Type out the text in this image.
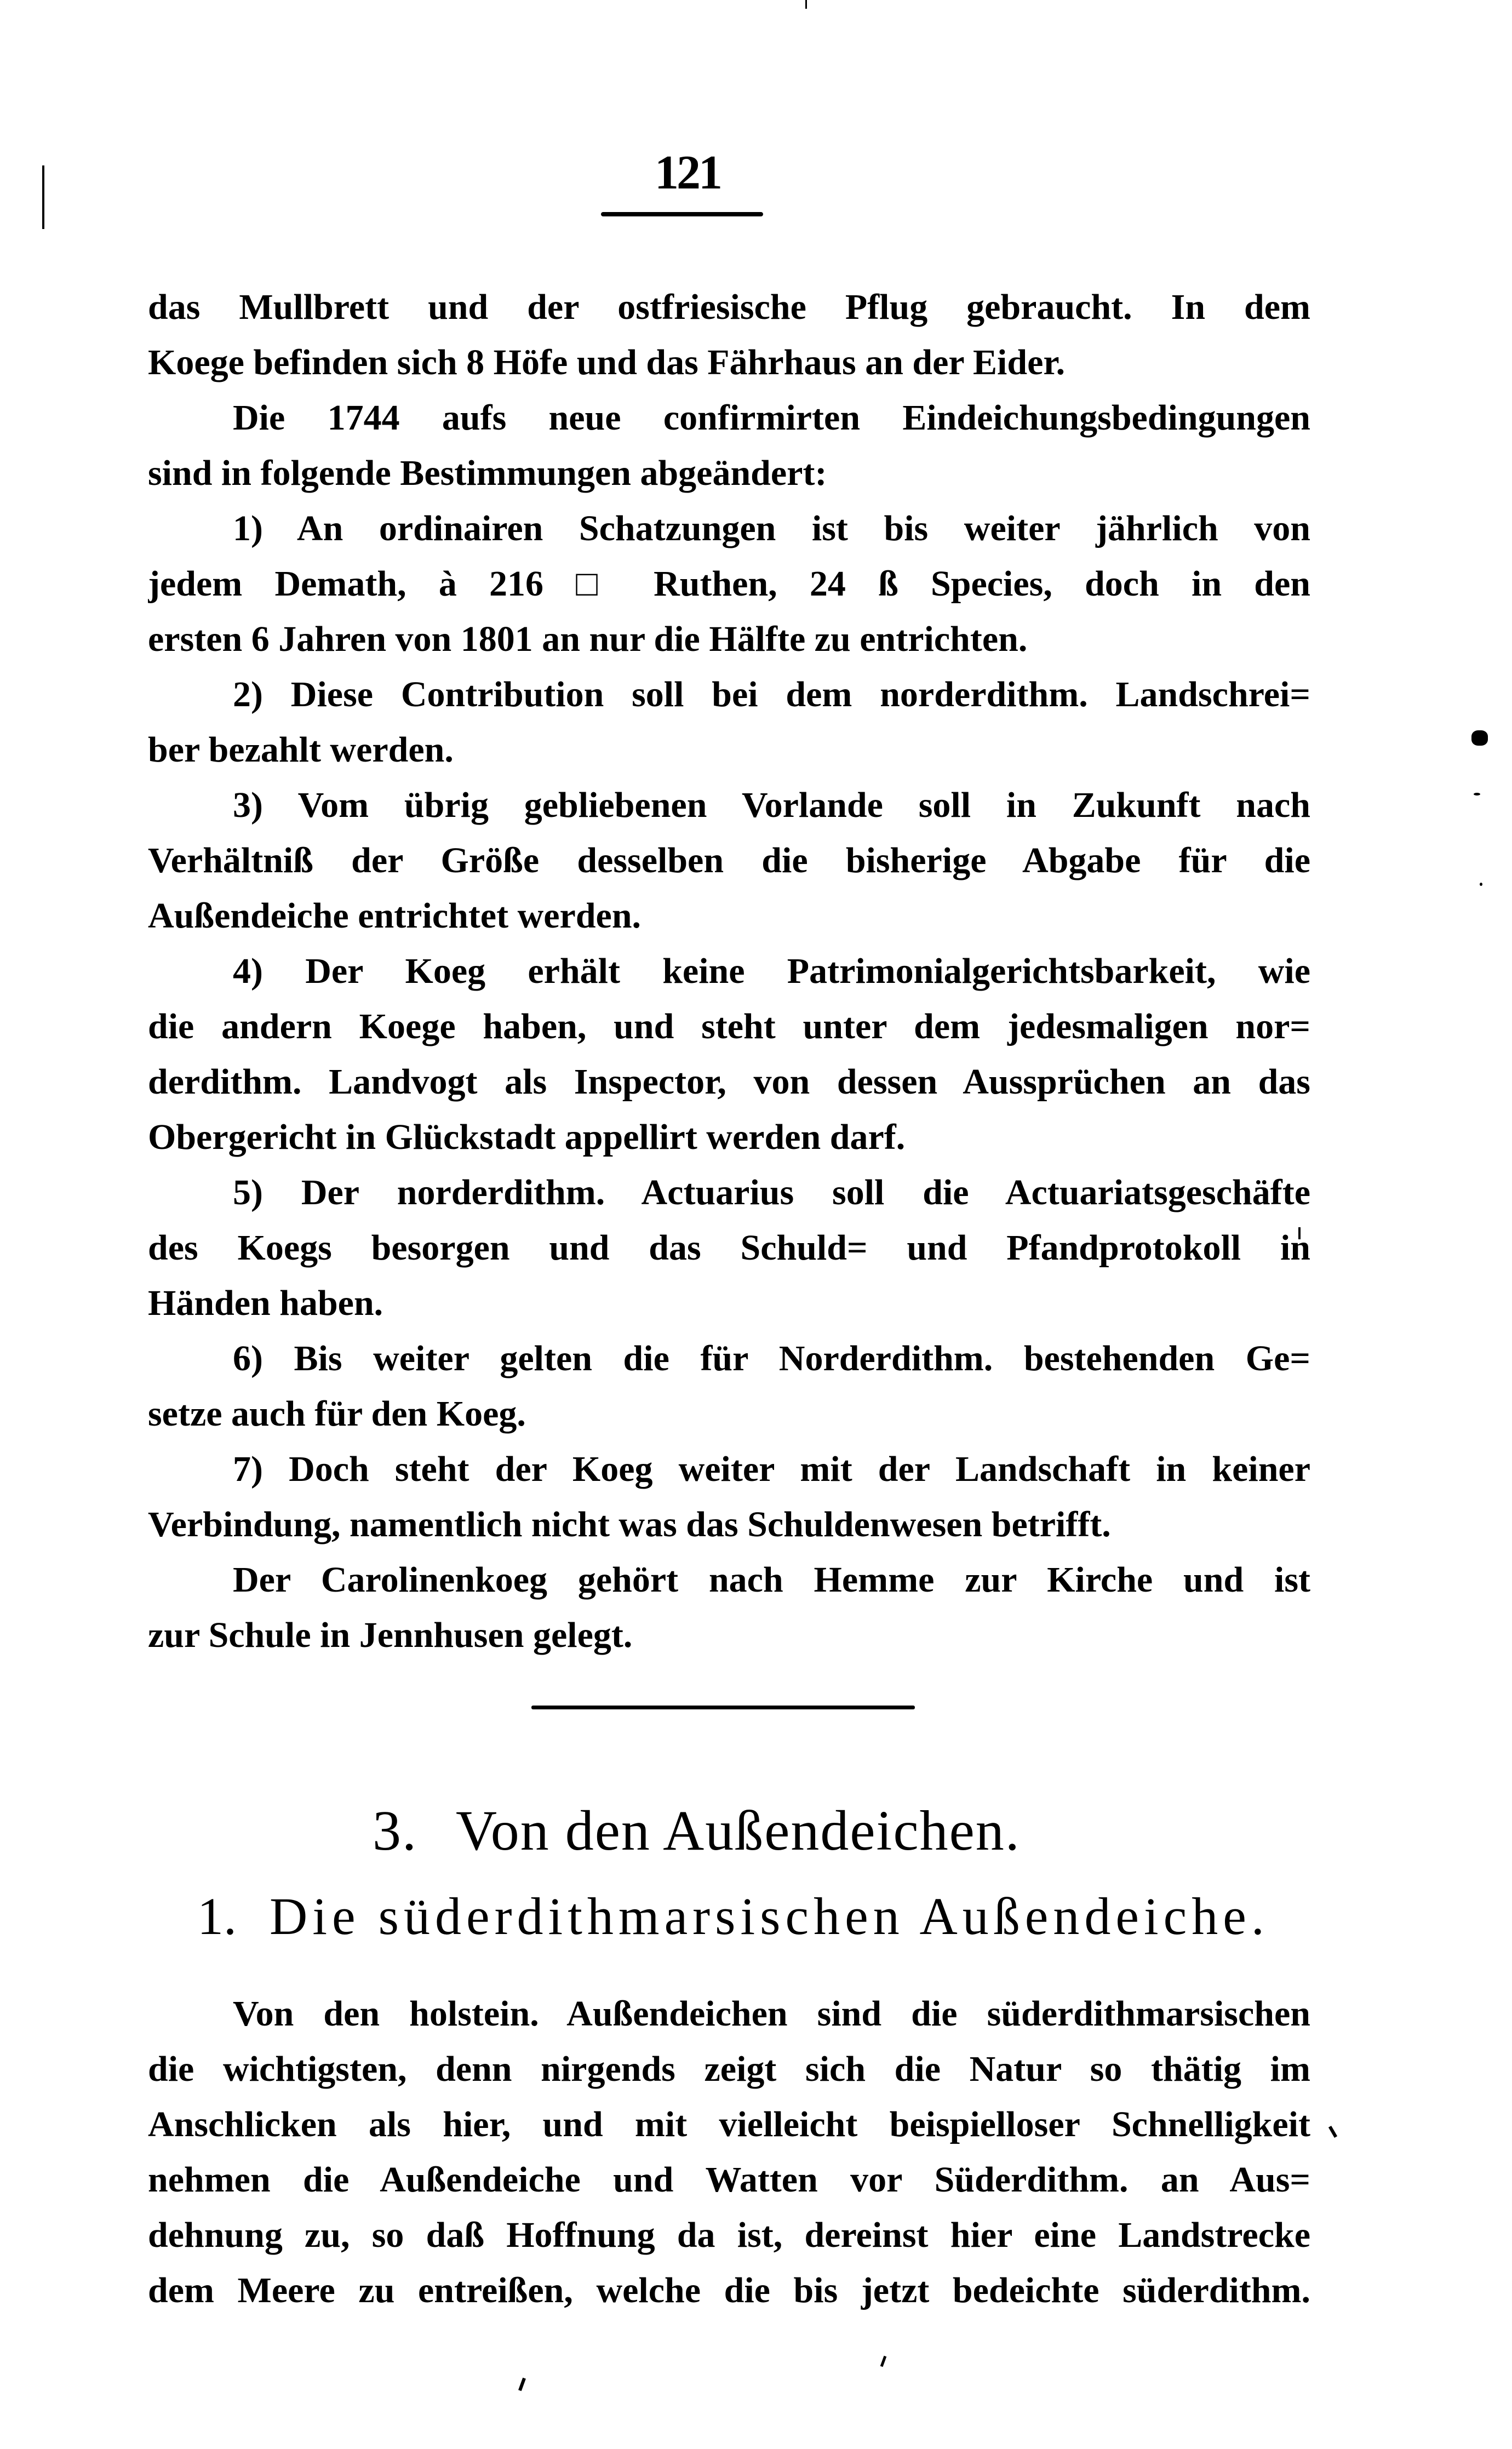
121
das Mullbrett und der ostfriesische Pflug gebraucht. In dem
Koege befinden sich 8 Höfe und das Fährhaus an der Eider.
Die 1744 aufs neue confirmirten Eindeichungsbedingungen
sind in folgende Bestimmungen abgeändert:
1) An ordinairen Schatzungen ist bis weiter jährlich von
jedem Demath, à 216 □ Ruthen, 24 ß Species, doch in den
ersten 6 Jahren von 1801 an nur die Hälfte zu entrichten.
2) Diese Contribution soll bei dem norderdithm. Landschrei=
ber bezahlt werden.
3) Vom übrig gebliebenen Vorlande soll in Zukunft nach
Verhältniß der Größe desselben die bisherige Abgabe für die
Außendeiche entrichtet werden.
4) Der Koeg erhält keine Patrimonialgerichtsbarkeit, wie
die andern Koege haben, und steht unter dem jedesmaligen nor=
derdithm. Landvogt als Inspector, von dessen Aussprüchen an das
Obergericht in Glückstadt appellirt werden darf.
5) Der norderdithm. Actuarius soll die Actuariatsgeschäfte
des Koegs besorgen und das Schuld= und Pfandprotokoll in
Händen haben.
6) Bis weiter gelten die für Norderdithm. bestehenden Ge=
setze auch für den Koeg.
7) Doch steht der Koeg weiter mit der Landschaft in keiner
Verbindung, namentlich nicht was das Schuldenwesen betrifft.
Der Carolinenkoeg gehört nach Hemme zur Kirche und ist
zur Schule in Jennhusen gelegt.
3. Von den Außendeichen.
1. Die süderdithmarsischen Außendeiche.
Von den holstein. Außendeichen sind die süderdithmarsischen
die wichtigsten, denn nirgends zeigt sich die Natur so thätig im
Anschlicken als hier, und mit vielleicht beispielloser Schnelligkeit
nehmen die Außendeiche und Watten vor Süderdithm. an Aus=
dehnung zu, so daß Hoffnung da ist, dereinst hier eine Landstrecke
dem Meere zu entreißen, welche die bis jetzt bedeichte süderdithm.
